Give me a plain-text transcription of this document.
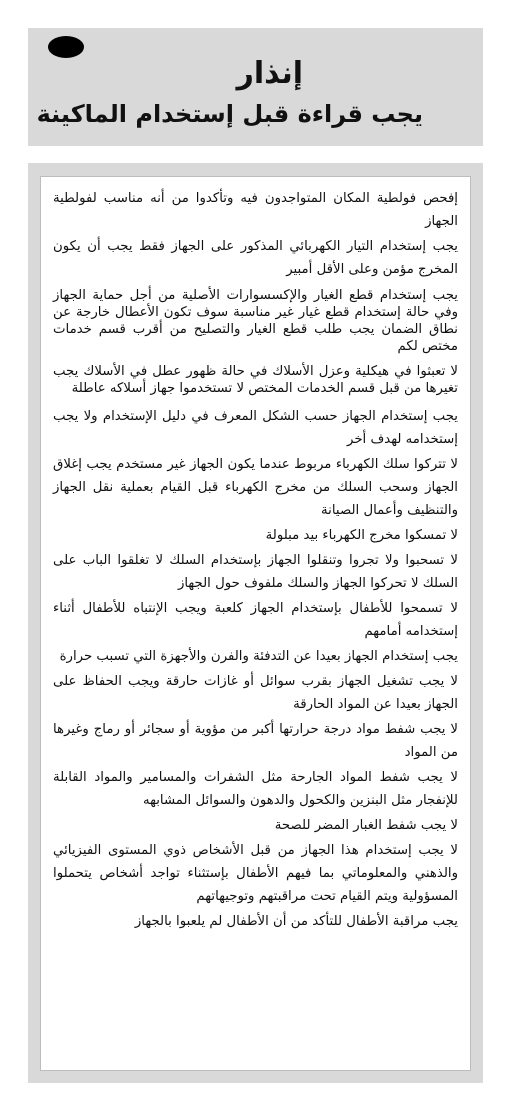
إنذار
يجب قراءة قبل إستخدام الماكينة

إفحص فولطية المكان المتواجدون فيه وتأكدوا من أنه مناسب لفولطية الجهاز

يجب إستخدام التيار الكهربائي المذكور على الجهاز فقط يجب أن يكون المخرج مؤمن وعلى الأقل أمبير

يجب إستخدام قطع الغيار والإكسسوارات الأصلية من أجل حماية الجهاز وفي حالة إستخدام قطع غيار غير مناسبة سوف تكون الأعطال خارجة عن نطاق الضمان يجب طلب قطع الغيار والتصليح من أقرب قسم خدمات مختص لكم

لا تعبثوا في هيكلية وعزل الأسلاك في حالة ظهور عطل في الأسلاك يجب تغيرها من قبل قسم الخدمات المختص لا تستخدموا جهاز أسلاكه عاطلة

يجب إستخدام الجهاز حسب الشكل المعرف في دليل الإستخدام ولا يجب إستخدامه لهدف أخر

لا تتركوا سلك الكهرباء مربوط عندما يكون الجهاز غير مستخدم يجب إغلاق الجهاز وسحب السلك من مخرج الكهرباء قبل القيام بعملية نقل الجهاز والتنظيف وأعمال الصيانة

لا تمسكوا مخرج الكهرباء بيد مبلولة

لا تسحبوا ولا تجروا وتنقلوا الجهاز بإستخدام السلك لا تغلقوا الباب على السلك لا تحركوا الجهاز والسلك ملفوف حول الجهاز

لا تسمحوا للأطفال بإستخدام الجهاز كلعبة ويجب الإنتباه للأطفال أثناء إستخدامه أمامهم

يجب إستخدام الجهاز بعيدا عن التدفئة والفرن والأجهزة التي تسبب حرارة

لا يجب تشغيل الجهاز بقرب سوائل أو غازات حارقة ويجب الحفاظ على الجهاز بعيدا عن المواد الحارقة

لا يجب شفط مواد درجة حرارتها أكبر من مؤوية أو سجائر أو رماج وغيرها من المواد

لا يجب شفط المواد الجارحة مثل الشفرات والمسامير والمواد القابلة للإنفجار مثل البنزين والكحول والدهون والسوائل المشابهه

لا يجب شفط الغبار المضر للصحة

لا يجب إستخدام هذا الجهاز من قبل الأشخاص ذوي المستوى الفيزيائي والذهني والمعلوماتي بما فيهم الأطفال بإستثناء تواجد أشخاص يتحملوا المسؤولية ويتم القيام تحت مراقبتهم وتوجيهاتهم

يجب مراقبة الأطفال للتأكد من أن الأطفال لم يلعبوا بالجهاز
